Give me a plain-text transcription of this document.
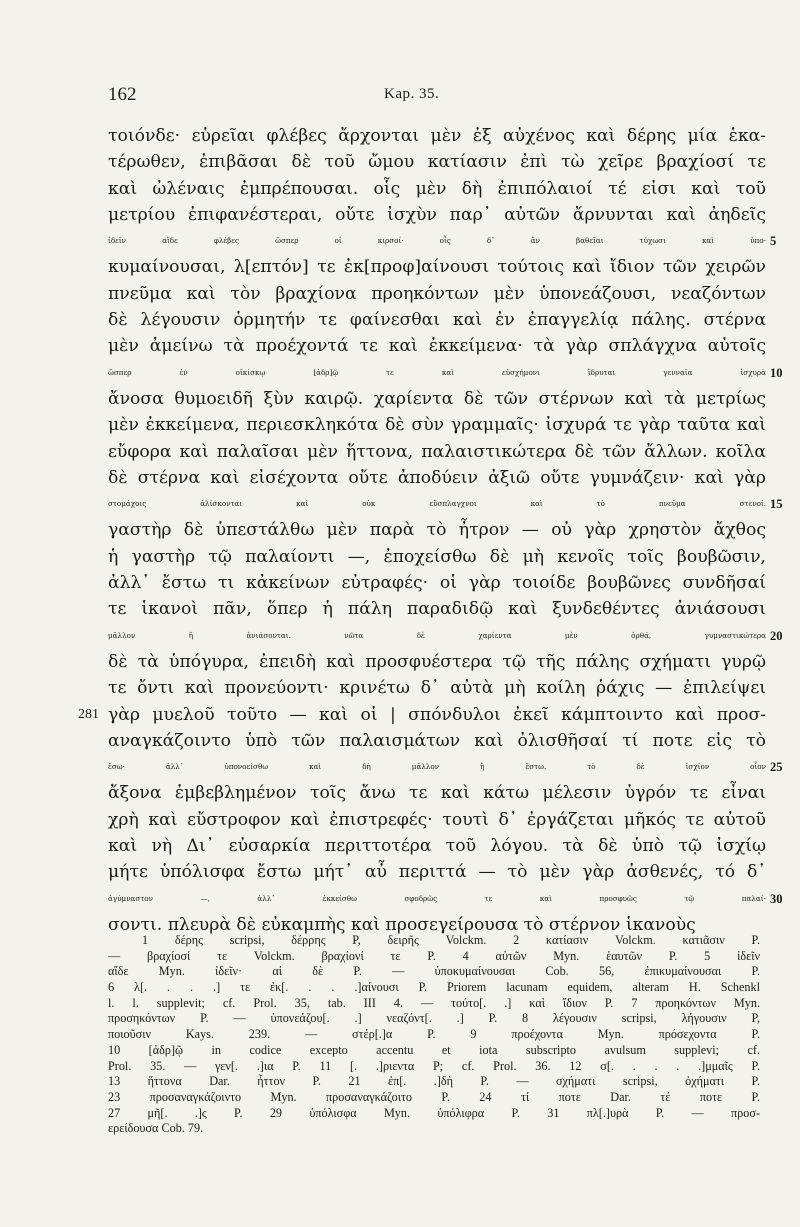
162	Kap. 35.
τοιόνδε· εὑρεῖαι φλέβες ἄρχονται μὲν ἐξ αὐχένος καὶ δέρης μία ἑκα-
τέρωθεν, ἐπιβᾶσαι δὲ τοῦ ὤμου κατίασιν ἐπὶ τὼ χεῖρε βραχίοσί τε
καὶ ὠλέναις ἐμπρέπουσαι. οἷς μὲν δὴ ἐπιπόλαιοί τέ εἰσι καὶ τοῦ
μετρίου ἐπιφανέστεραι, οὔτε ἰσχὺν παρ᾽ αὐτῶν ἄρνυνται καὶ ἀηδεῖς
ἰδεῖν αἵδε φλέβες ὥσπερ οἱ κιρσοί· οἷς δ᾽ ἂν βαθεῖαι τύχωσι καὶ ὑπο- 5
κυμαίνουσαι, λ[επτόν] τε ἐκ[προφ]αίνουσι τούτοις καὶ ἴδιον τῶν χειρῶν
πνεῦμα καὶ τὸν βραχίονα προηκόντων μὲν ὑπονεάζουσι, νεαζόντων
δὲ λέγουσιν ὁρμητήν τε φαίνεσθαι καὶ ἐν ἐπαγγελίᾳ πάλης. στέρνα
μὲν ἀμείνω τὰ προέχοντά τε καὶ ἐκκείμενα· τὰ γὰρ σπλάγχνα αὐτοῖς
ὥσπερ ἐν οἰκίσκῳ [ἀδρ]ῷ τε καὶ εὐσχήμονι ἵδρυται γενναῖα ἰσχυρὰ 10
ἄνοσα θυμοειδῆ ξὺν καιρῷ. χαρίεντα δὲ τῶν στέρνων καὶ τὰ μετρίως
μὲν ἐκκείμενα, περιεσκληκότα δὲ σὺν γραμμαῖς· ἰσχυρά τε γὰρ ταῦτα καὶ
εὔφορα καὶ παλαῖσαι μὲν ἥττονα, παλαιστικώτερα δὲ τῶν ἄλλων. κοῖλα
δὲ στέρνα καὶ εἰσέχοντα οὔτε ἀποδύειν ἀξιῶ οὔτε γυμνάζειν· καὶ γὰρ
στομάχοις ἁλίσκονται καὶ οὐκ εὔσπλαγχνοι καὶ τὸ πνεῦμα στενοί. 15
γαστὴρ δὲ ὑπεστάλθω μὲν παρὰ τὸ ἦτρον — οὐ γὰρ χρηστὸν ἄχθος
ἡ γαστὴρ τῷ παλαίοντι —, ἐποχείσθω δὲ μὴ κενοῖς τοῖς βουβῶσιν,
ἀλλ᾽ ἔστω τι κἀκείνων εὐτραφές· οἱ γὰρ τοιοίδε βουβῶνες συνδῆσαί
τε ἱκανοὶ πᾶν, ὅπερ ἡ πάλη παραδιδῷ καὶ ξυνδεθέντες ἀνιάσουσι
μᾶλλον ἢ ἀνιάσονται. νῶτα δὲ χαρίεντα μὲν ὀρθά, γυμναστικώτερα 20
δὲ τὰ ὑπόγυρα, ἐπειδὴ καὶ προσφυέστερα τῷ τῆς πάλης σχήματι γυρῷ
τε ὄντι καὶ προνεύοντι· κρινέτω δ᾽ αὐτὰ μὴ κοίλη ῥάχις — ἐπιλείψει
γὰρ μυελοῦ τοῦτο — καὶ οἱ | σπόνδυλοι ἐκεῖ κάμπτοιντο καὶ προσ-
281
αναγκάζοιντο ὑπὸ τῶν παλαισμάτων καὶ ὀλισθῆσαί τί ποτε εἰς τὸ
ἔσω· ἀλλ᾽ ὑπονοείσθω καὶ δὴ μᾶλλον ἢ ἔστω. τὸ δὲ ἰσχίον οἷον 25
ἄξονα ἐμβεβλημένον τοῖς ἄνω τε καὶ κάτω μέλεσιν ὑγρόν τε εἶναι
χρὴ καὶ εὔστροφον καὶ ἐπιστρεφές· τουτὶ δ᾽ ἐργάζεται μῆκός τε αὐτοῦ
καὶ νὴ Δι᾽ εὐσαρκία περιττοτέρα τοῦ λόγου. τὰ δὲ ὑπὸ τῷ ἰσχίῳ
μήτε ὑπόλισφα ἔστω μήτ᾽ αὖ περιττά — τὸ μὲν γὰρ ἀσθενές, τό δ᾽
ἀγύμναστον —, ἀλλ᾽ ἐκκείσθω σφοδρῶς τε καὶ προσφυῶς τῷ παλαί- 30
σοντι. πλευρὰ δὲ εὐκαμπὴς καὶ προσεγείρουσα τὸ στέρνον ἱκανοὺς
1 δέρης scripsi, δέρρης P, δειρῆς Volckm. 2 κατίασιν Volckm. κατιᾶσιν P.
— βραχίοσί τε Volckm. βραχίονί τε P. 4 αὐτῶν Myn. ἑαυτῶν P. 5 ἰδεῖν
αἵδε Myn. ἰδεῖν· αἱ δὲ P. — ὑποκυμαίνουσαι Cob. 56, ἐπικυμαίνουσαι P.
6 λ[. . . .] τε ἐκ[. . . .]αίνουσι P. Priorem lacunam equidem, alteram H. Schenkl
l. l. supplevit; cf. Prol. 35, tab. III 4. — τούτο[. .] καὶ ἴδιον P. 7 προηκόντων Myn.
προσηκόντων P. — ὑπονεάζου[. .] νεαζόντ[. .] P. 8 λέγουσιν scripsi, λήγουσιν P,
ποιοῦσιν Kays. 239. — στέρ[.]α P. 9 προέχοντα Myn. πρόσεχοντα P.
10 [ἀδρ]ῷ in codice excepto accentu et iota subscripto avulsum supplevi; cf.
Prol. 35. — γεν[. .]ια P. 11 [. .]ριεντα P; cf. Prol. 36. 12 σ[. . . . .]μμαῖς P.
13 ἥττονα Dar. ἧττον P. 21 ἐπ[. .]δὴ P. — σχήματι scripsi, ὀχήματι P.
23 προσαναγκάζοιντο Myn. προσαναγκάζοιτο P. 24 τί ποτε Dar. τέ ποτε P.
27 μῆ[. .]ς P. 29 ὑπόλισφα Myn. ὑπόλιφρα P. 31 πλ[.]υρὰ P. — προσ-
ερείδουσα Cob. 79.
